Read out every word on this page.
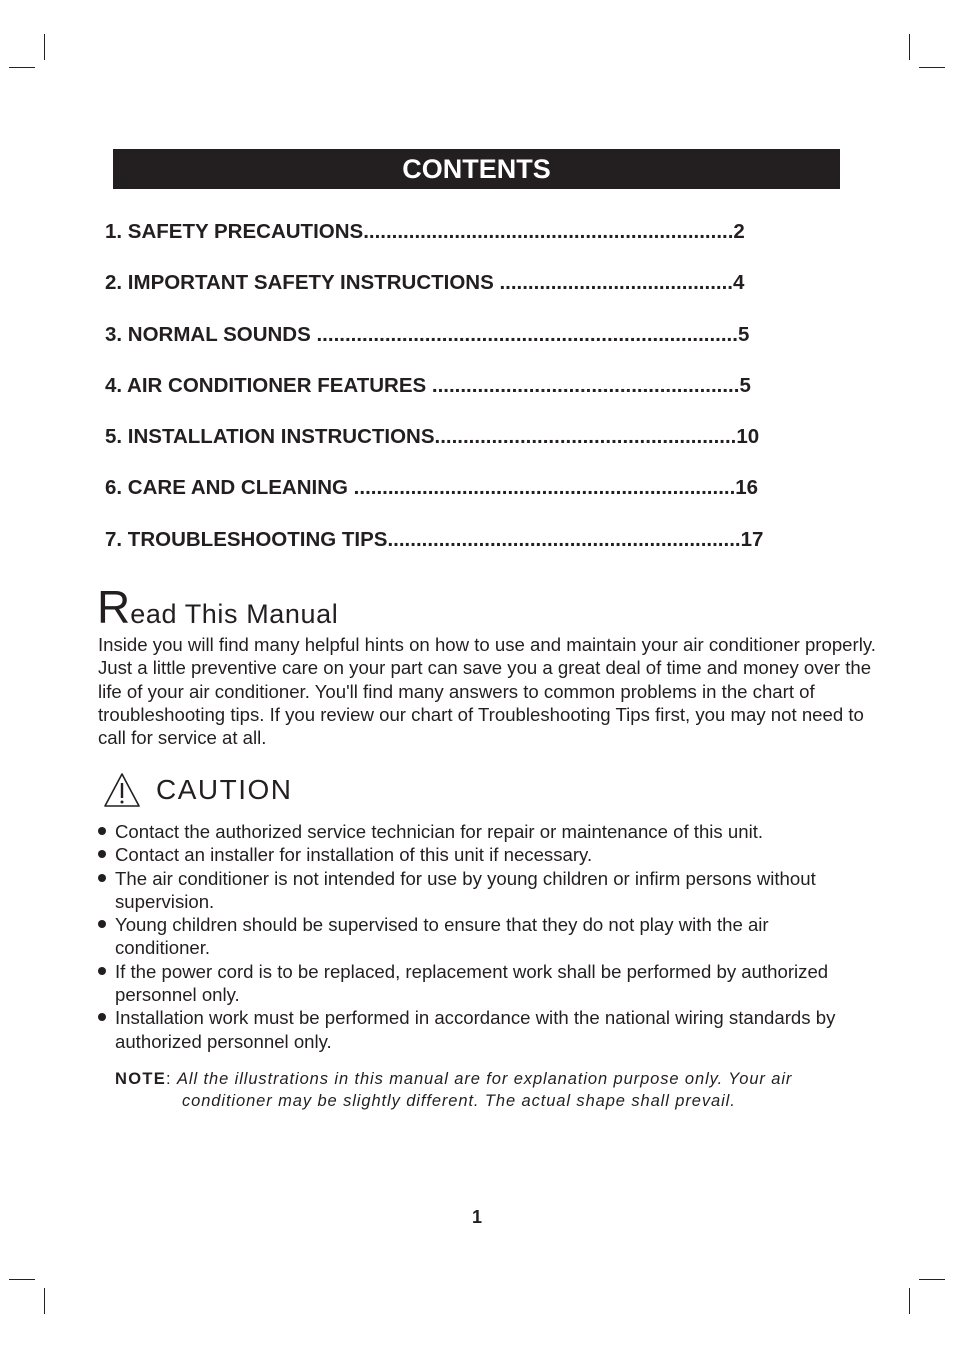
CONTENTS
1. SAFETY PRECAUTIONS.................................................................2
2. IMPORTANT SAFETY INSTRUCTIONS .........................................4
3. NORMAL SOUNDS ..........................................................................5
4. AIR CONDITIONER FEATURES ......................................................5
5. INSTALLATION INSTRUCTIONS.....................................................10
6. CARE AND CLEANING ...................................................................16
7. TROUBLESHOOTING TIPS..............................................................17
Read This Manual
Inside you will find many helpful hints on how to use and maintain your air conditioner properly. Just a little preventive care on your part can save you a great deal of time and money over the life of your air conditioner. You'll find many answers to common problems in the chart of troubleshooting tips. If you review our chart of Troubleshooting Tips first, you may not need to call for service at all.
CAUTION
Contact the authorized service technician for repair or maintenance of this unit.
Contact an installer for installation of this unit if necessary.
The air conditioner is not intended for use by young children or infirm persons without supervision.
Young children should be supervised to ensure that they do not play with the air conditioner.
If the power cord is to be replaced, replacement work shall be performed by authorized personnel only.
Installation work must be performed in accordance with the national wiring standards by authorized personnel only.
NOTE: All the illustrations in this manual are for explanation purpose only. Your air
conditioner may be slightly different. The actual shape shall prevail.
1
